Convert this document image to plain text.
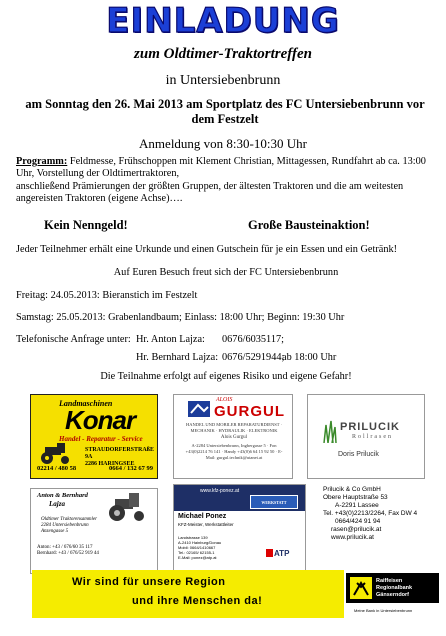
EINLADUNG
zum Oldtimer-Traktortreffen
in Untersiebenbrunn
am Sonntag den 26. Mai 2013 am Sportplatz des FC Untersiebenbrunn vor dem Festzelt
Anmeldung von 8:30-10:30 Uhr
Programm: Feldmesse, Frühschoppen mit Klement Christian, Mittagessen, Rundfahrt ab ca. 13:00 Uhr, Vorstellung der Oldtimertraktoren,
anschließend Prämierungen der größten Gruppen, der ältesten Traktoren und die am weitesten angereisten Traktoren (eigene Achse)….
Kein Nenngeld!	Große Bausteinaktion!
Jeder Teilnehmer erhält eine Urkunde und einen Gutschein für je ein Essen und ein Getränk!
Auf Euren Besuch freut sich der FC Untersiebenbrunn
Freitag: 24.05.2013: Bieranstich im Festzelt
Samstag: 25.05.2013: Grabenlandbaum; Einlass: 18:00 Uhr; Beginn: 19:30 Uhr
Telefonische Anfrage unter: Hr. Anton Lajza: 0676/6035117;
Hr. Bernhard Lajza: 0676/5291944;
ab 18:00 Uhr
Die Teilnahme erfolgt auf eigenes Risiko und eigene Gefahr!
Landmaschinen
Konar
Handel - Reparatur - Service
STRAUDORFERSTRAßE 9A
2286 HARINGSEE
02214 / 480 58	0664 / 132 67 99
ALOIS
GURGUL
HANDEL UND MOBILER REPARATURDIENST · MECHANIK · HYDRAULIK · ELEKTRONIK
Alois Gurgul
A-2284 Untersiebenbrunn, Ingbergasse 5 · Fon +43(0)2214 76 141 · Handy +43(0)6 64 15 92 50 · E-Mail: gurgul.technik@utanet.at
PRILUCIK
Rollrasen
Doris Prilucik
Anton & Bernhard
Lajza
Oldtimer Traktorensammler
2284 Untersiebenbrunn
Anzengasse 5
Anton: +43 / 676/60 35 117
Bernhard: +43 / 676/52 919 44
www.kfz-ponez.at
WERKSTATT
Michael Ponez
KFZ-Meister, Werkstattleiter
Landstrasse 139
A-2410 Hainburg/Donau
Mobil: 0664/1410667
Tel.: 02165/ 62155-1
E-Mail: ponez@atp.at	ATP
Prilucik & Co GmbH
Obere Hauptstraße 53
A-2291 Lassee
Tel. +43(0)2213/2264, Fax DW 4
0664/424 91 94
rasen@prilucik.at
www.prilucik.at
Wir sind für unsere Region
und ihre Menschen da!
Raiffeisen
Regionalbank
Gänserndorf
Meine Bank in Untersiebenbrunn
